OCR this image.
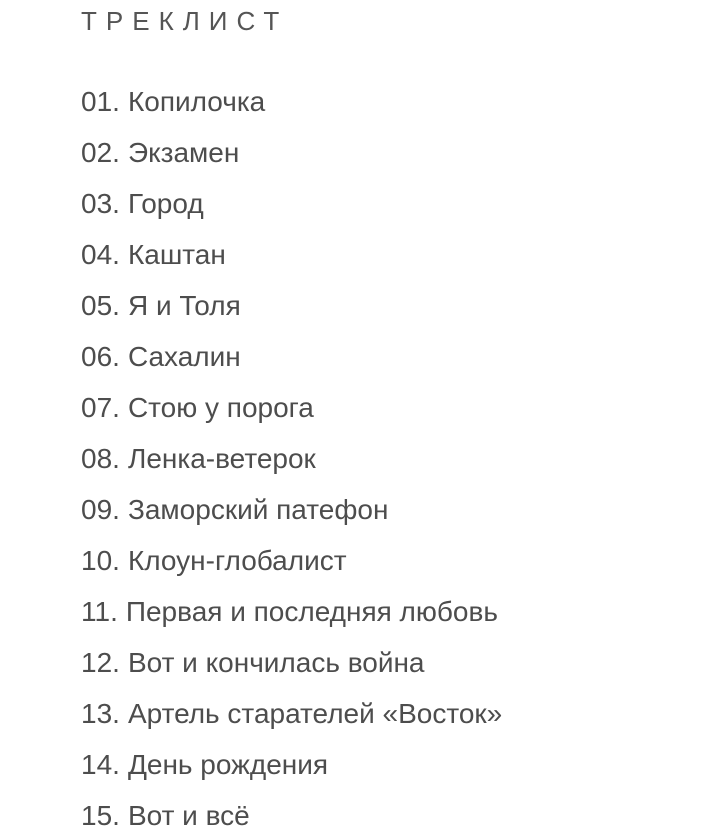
ТРЕКЛИСТ
01. Копилочка
02. Экзамен
03. Город
04. Каштан
05. Я и Толя
06. Сахалин
07. Стою у порога
08. Ленка-ветерок
09. Заморский патефон
10. Клоун-глобалист
11. Первая и последняя любовь
12. Вот и кончилась война
13. Артель старателей «Восток»
14. День рождения
15. Вот и всё
